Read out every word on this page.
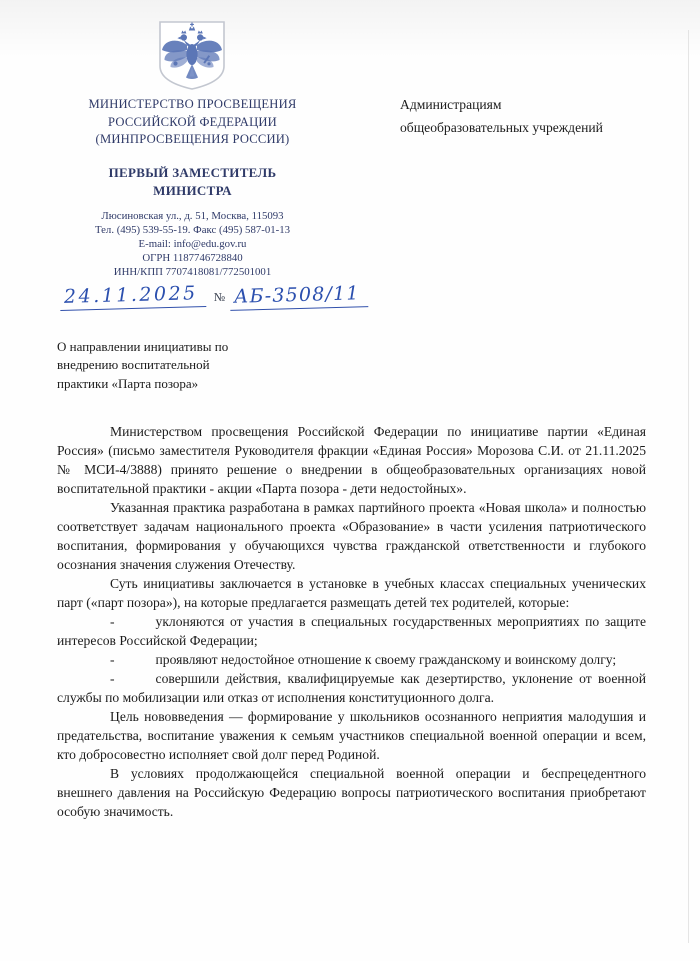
МИНИСТЕРСТВО ПРОСВЕЩЕНИЯ
РОССИЙСКОЙ ФЕДЕРАЦИИ
(МИНПРОСВЕЩЕНИЯ РОССИИ)
ПЕРВЫЙ ЗАМЕСТИТЕЛЬ
МИНИСТРА
Люсиновская ул., д. 51, Москва, 115093
Тел. (495) 539-55-19. Факс (495) 587-01-13
E-mail: info@edu.gov.ru
ОГРН 1187746728840
ИНН/КПП 7707418081/772501001
24.11.2025	№ АБ-3508/11
Администрациям
общеобразовательных учреждений
О направлении инициативы по
внедрению воспитательной
практики «Парта позора»

Министерством просвещения Российской Федерации по инициативе партии «Единая Россия» (письмо заместителя Руководителя фракции «Единая Россия» Морозова С.И. от 21.11.2025 № МСИ-4/3888) принято решение о внедрении в общеобразовательных организациях новой воспитательной практики - акции «Парта позора - дети недостойных».

Указанная практика разработана в рамках партийного проекта «Новая школа» и полностью соответствует задачам национального проекта «Образование» в части усиления патриотического воспитания, формирования у обучающихся чувства гражданской ответственности и глубокого осознания значения служения Отечеству.

Суть инициативы заключается в установке в учебных классах специальных ученических парт («парт позора»), на которые предлагается размещать детей тех родителей, которые:

-	уклоняются от участия в специальных государственных мероприятиях по защите интересов Российской Федерации;

-	проявляют недостойное отношение к своему гражданскому и воинскому долгу;

-	совершили действия, квалифицируемые как дезертирство, уклонение от военной службы по мобилизации или отказ от исполнения конституционного долга.

Цель нововведения — формирование у школьников осознанного неприятия малодушия и предательства, воспитание уважения к семьям участников специальной военной операции и всем, кто добросовестно исполняет свой долг перед Родиной.

В условиях продолжающейся специальной военной операции и беспрецедентного внешнего давления на Российскую Федерацию вопросы патриотического воспитания приобретают особую значимость.
